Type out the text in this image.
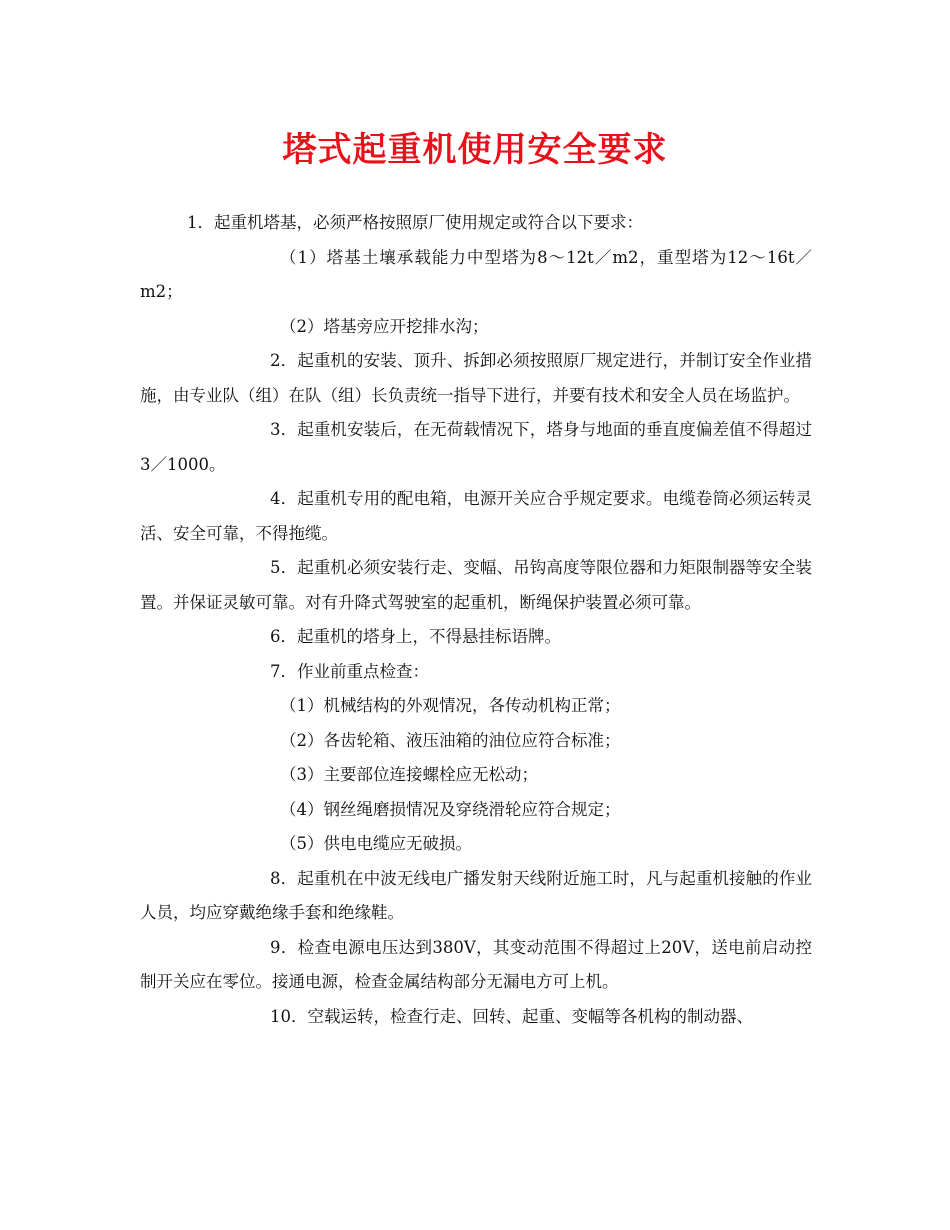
塔式起重机使用安全要求

1．起重机塔基，必须严格按照原厂使用规定或符合以下要求：

（1）塔基土壤承载能力中型塔为8～12t／m2，重型塔为12～16t／m2；

（2）塔基旁应开挖排水沟；

2．起重机的安装、顶升、拆卸必须按照原厂规定进行，并制订安全作业措施，由专业队（组）在队（组）长负责统一指导下进行，并要有技术和安全人员在场监护。

3．起重机安装后，在无荷载情况下，塔身与地面的垂直度偏差值不得超过3／1000。

4．起重机专用的配电箱，电源开关应合乎规定要求。电缆卷筒必须运转灵活、安全可靠，不得拖缆。

5．起重机必须安装行走、变幅、吊钩高度等限位器和力矩限制器等安全装置。并保证灵敏可靠。对有升降式驾驶室的起重机，断绳保护装置必须可靠。

6．起重机的塔身上，不得悬挂标语牌。

7．作业前重点检查：

（1）机械结构的外观情况，各传动机构正常；

（2）各齿轮箱、液压油箱的油位应符合标准；

（3）主要部位连接螺栓应无松动；

（4）钢丝绳磨损情况及穿绕滑轮应符合规定；

（5）供电电缆应无破损。

8．起重机在中波无线电广播发射天线附近施工时，凡与起重机接触的作业人员，均应穿戴绝缘手套和绝缘鞋。

9．检查电源电压达到380V，其变动范围不得超过上20V，送电前启动控制开关应在零位。接通电源，检查金属结构部分无漏电方可上机。

10．空载运转，检查行走、回转、起重、变幅等各机构的制动器、
